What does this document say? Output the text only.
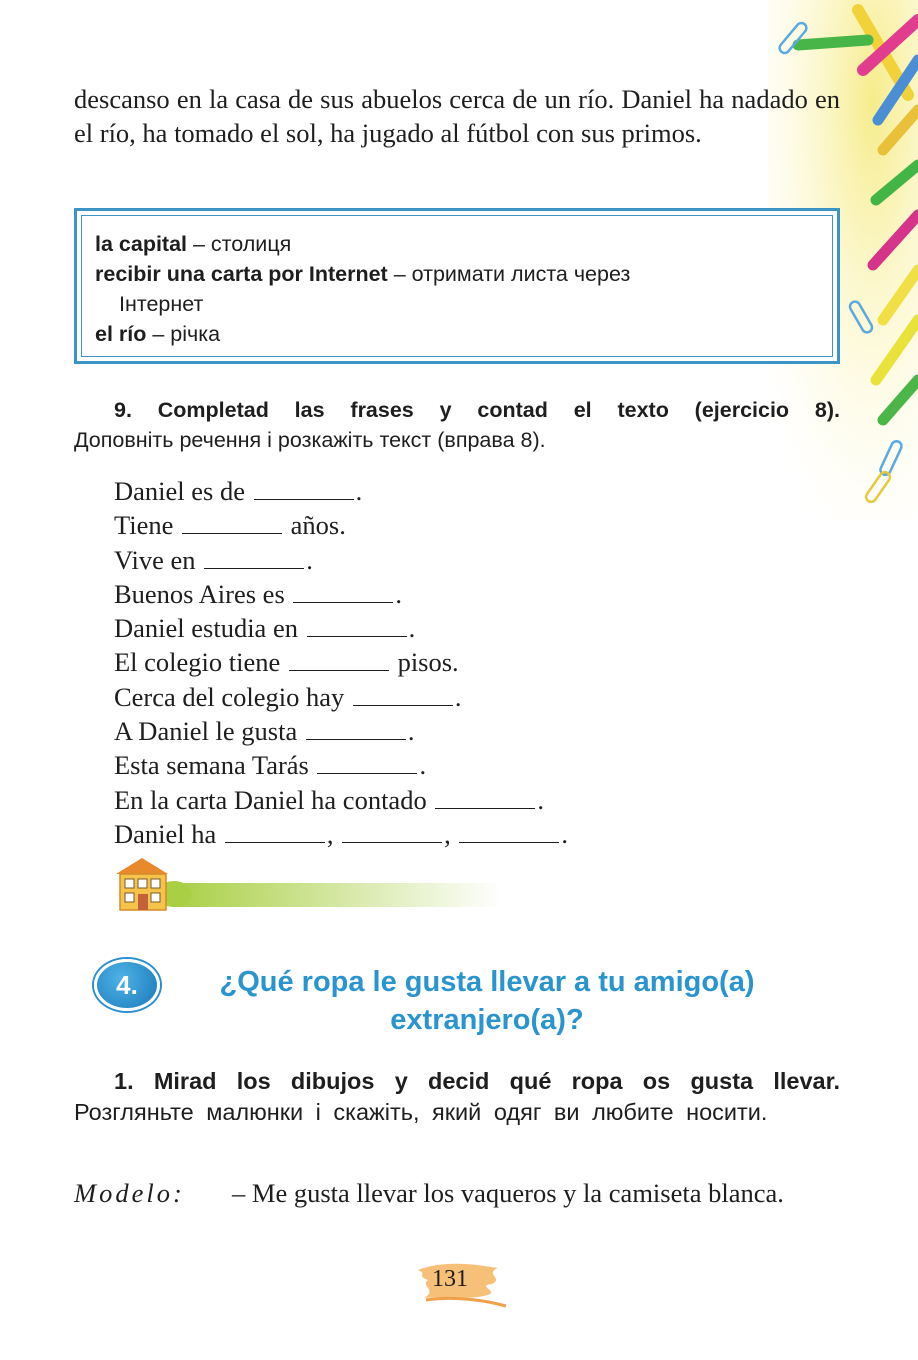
descanso en la casa de sus abuelos cerca de un río. Daniel ha nadado en el río, ha tomado el sol, ha jugado al fútbol con sus primos.
la capital – столиця
recibir una carta por Internet – отримати листа через
Інтернет
el río – річка
9. Completad las frases y contad el texto (ejercicio 8).
Доповніть речення і розкажіть текст (вправа 8).
Daniel es de	.
Tiene	años.
Vive en	.
Buenos Aires es	.
Daniel estudia en	.
El colegio tiene	pisos.
Cerca del colegio hay	.
A Daniel le gusta	.
Esta semana Tarás	.
En la carta Daniel ha contado	.
Daniel ha	,	,	.
4.	¿Qué ropa le gusta llevar a tu amigo(a)
extranjero(a)?
1. Mirad los dibujos y decid qué ropa os gusta llevar.
Розгляньте малюнки і скажіть, який одяг ви любите носити.
Modelo: – Me gusta llevar los vaqueros y la camiseta blanca.
131
